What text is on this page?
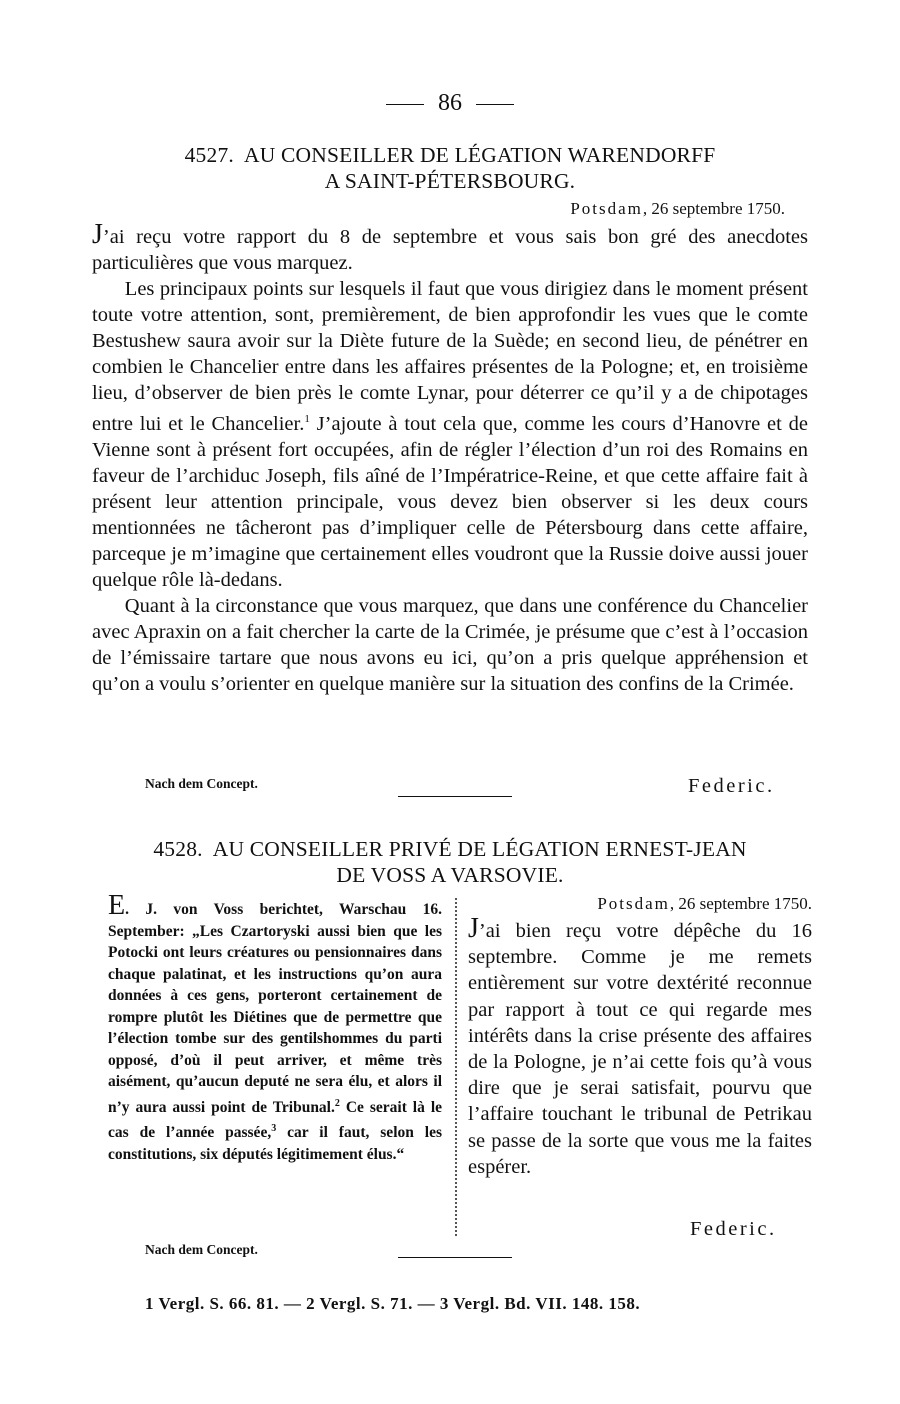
86
4527. AU CONSEILLER DE LÉGATION WARENDORFF
A SAINT-PÉTERSBOURG.
Potsdam, 26 septembre 1750.

J’ai reçu votre rapport du 8 de septembre et vous sais bon gré des anecdotes particulières que vous marquez.

Les principaux points sur lesquels il faut que vous dirigiez dans le moment présent toute votre attention, sont, premièrement, de bien approfondir les vues que le comte Bestushew saura avoir sur la Diète future de la Suède; en second lieu, de pénétrer en combien le Chancelier entre dans les affaires présentes de la Pologne; et, en troisième lieu, d’observer de bien près le comte Lynar, pour déterrer ce qu’il y a de chipotages entre lui et le Chancelier.$^1$ J’ajoute à tout cela que, comme les cours d’Hanovre et de Vienne sont à présent fort occupées, afin de régler l’élection d’un roi des Romains en faveur de l’archiduc Joseph, fils aîné de l’Impératrice-Reine, et que cette affaire fait à présent leur attention principale, vous devez bien observer si les deux cours mentionnées ne tâcheront pas d’impliquer celle de Pétersbourg dans cette affaire, parceque je m’imagine que certainement elles voudront que la Russie doive aussi jouer quelque rôle là-dedans.

Quant à la circonstance que vous marquez, que dans une conférence du Chancelier avec Apraxin on a fait chercher la carte de la Crimée, je présume que c’est à l’occasion de l’émissaire tartare que nous avons eu ici, qu’on a pris quelque appréhension et qu’on a voulu s’orienter en quelque manière sur la situation des confins de la Crimée.

Nach dem Concept.	Federic.
4528. AU CONSEILLER PRIVÉ DE LÉGATION ERNEST-JEAN
DE VOSS A VARSOVIE.
E. J. von Voss berichtet, Warschau 16. September: „Les Czartoryski aussi bien que les Potocki ont leurs créatures ou pensionnaires dans chaque palatinat, et les instructions qu’on aura données à ces gens, porteront certainement de rompre plutôt les Diétines que de permettre que l’élection tombe sur des gentilshommes du parti opposé, d’où il peut arriver, et même très aisément, qu’aucun deputé ne sera élu, et alors il n’y aura aussi point de Tribunal.$^2$ Ce serait là le cas de l’année passée,$^3$ car il faut, selon les constitutions, six députés légitimement élus.“
Potsdam, 26 septembre 1750.
J’ai bien reçu votre dépêche du 16 septembre. Comme je me remets entièrement sur votre dextérité reconnue par rapport à tout ce qui regarde mes intérêts dans la crise présente des affaires de la Pologne, je n’ai cette fois qu’à vous dire que je serai satisfait, pourvu que l’affaire touchant le tribunal de Petrikau se passe de la sorte que vous me la faites espérer.
Federic.
Nach dem Concept.
1 Vergl. S. 66. 81. — 2 Vergl. S. 71. — 3 Vergl. Bd. VII. 148. 158.
